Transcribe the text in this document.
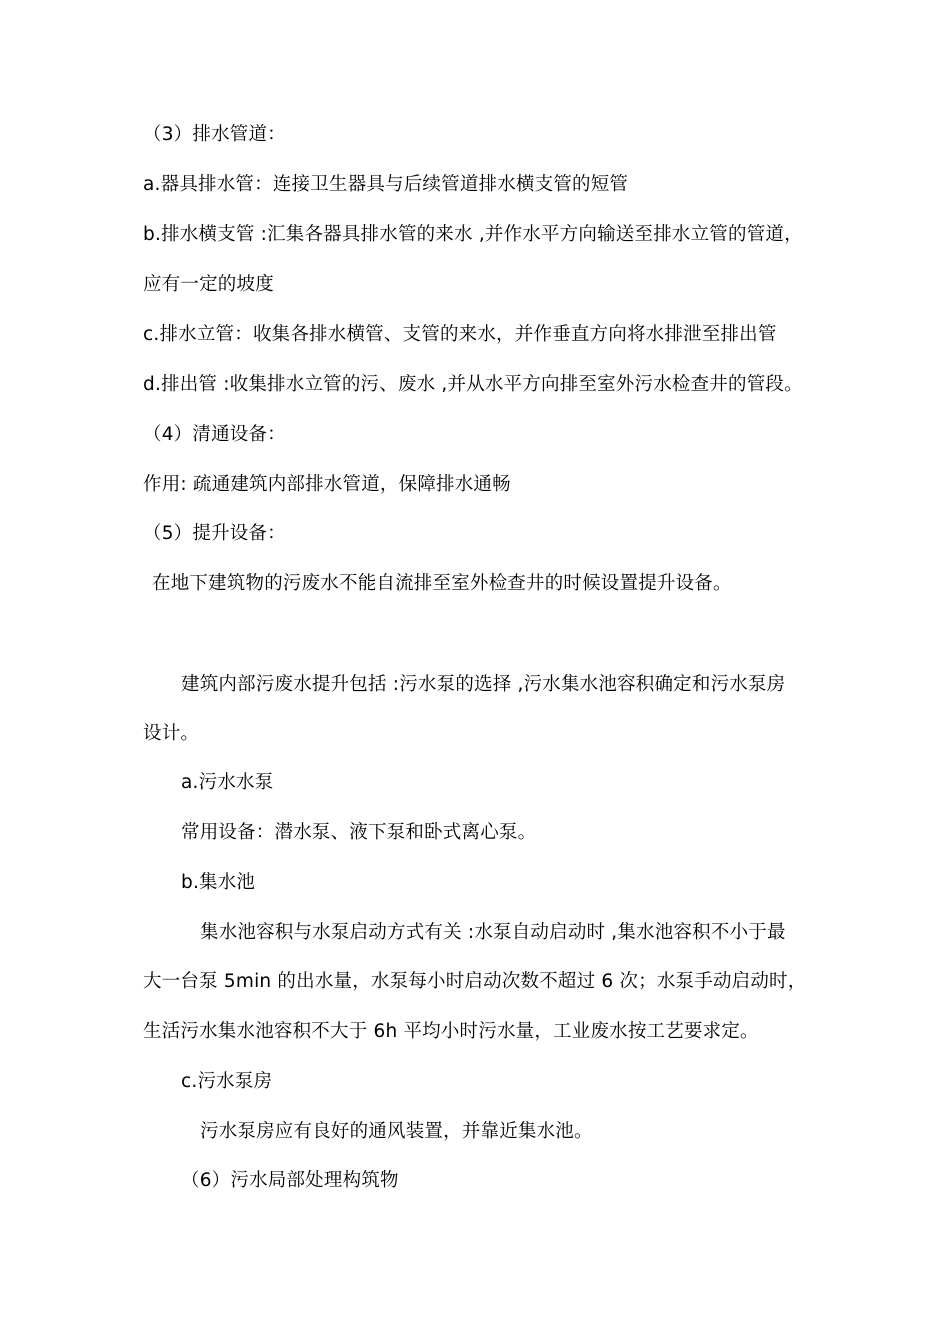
（3）排水管道：
a.器具排水管：连接卫生器具与后续管道排水横支管的短管
b.排水横支管 :汇集各器具排水管的来水 ,并作水平方向输送至排水立管的管道，
应有一定的坡度
c.排水立管：收集各排水横管、支管的来水，并作垂直方向将水排泄至排出管
d.排出管 :收集排水立管的污、废水 ,并从水平方向排至室外污水检查井的管段。
（4）清通设备：
作用: 疏通建筑内部排水管道，保障排水通畅
（5）提升设备：
在地下建筑物的污废水不能自流排至室外检查井的时候设置提升设备。
建筑内部污废水提升包括 :污水泵的选择 ,污水集水池容积确定和污水泵房
设计。
a.污水水泵
常用设备：潜水泵、液下泵和卧式离心泵。
b.集水池
集水池容积与水泵启动方式有关 :水泵自动启动时 ,集水池容积不小于最
大一台泵 5min 的出水量，水泵每小时启动次数不超过 6 次；水泵手动启动时，
生活污水集水池容积不大于 6h 平均小时污水量，工业废水按工艺要求定。
c.污水泵房
污水泵房应有良好的通风装置，并靠近集水池。
（6）污水局部处理构筑物
